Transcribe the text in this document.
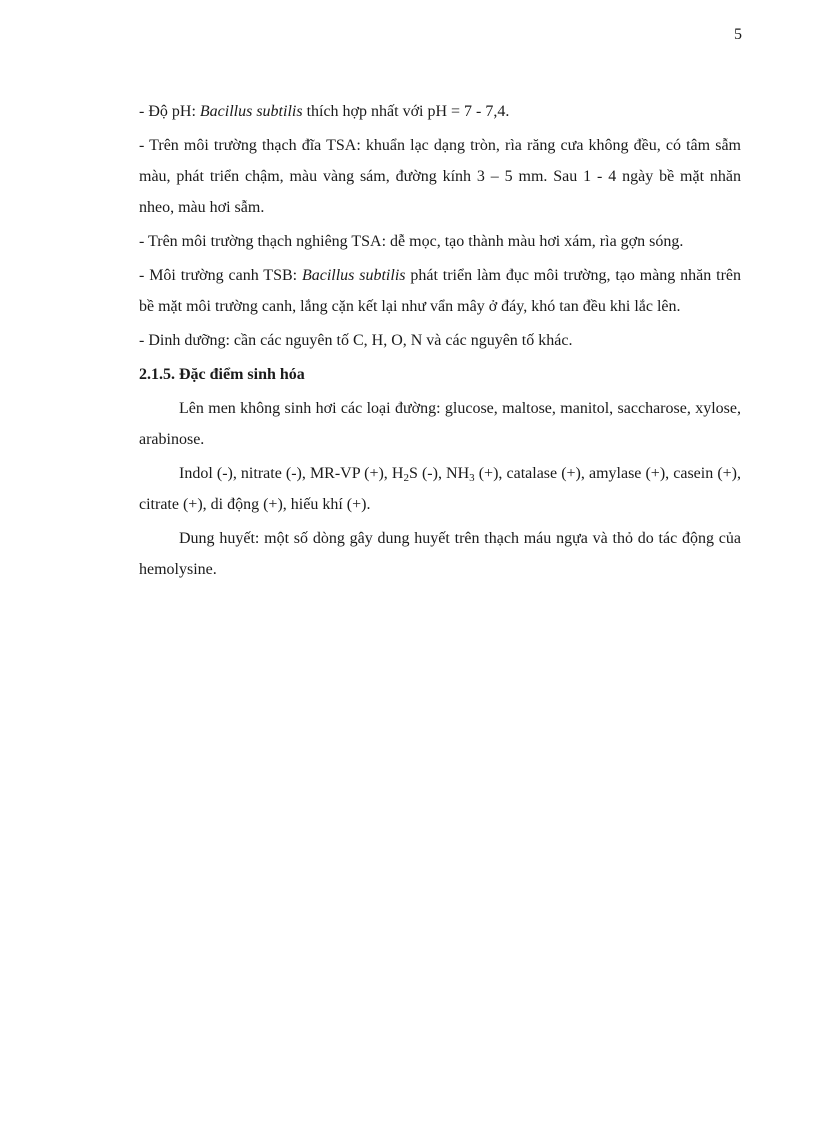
5

- Độ pH: Bacillus subtilis thích hợp nhất với pH = 7 - 7,4.

- Trên môi trường thạch đĩa TSA: khuẩn lạc dạng tròn, rìa răng cưa không đều, có tâm sẫm màu, phát triển chậm, màu vàng sám, đường kính 3 – 5 mm. Sau 1 - 4 ngày bề mặt nhăn nheo, màu hơi sẫm.

- Trên môi trường thạch nghiêng TSA: dễ mọc, tạo thành màu hơi xám, rìa gợn sóng.

- Môi trường canh TSB: Bacillus subtilis phát triển làm đục môi trường, tạo màng nhăn trên bề mặt môi trường canh, lắng cặn kết lại như vẩn mây ở đáy, khó tan đều khi lắc lên.

- Dinh dưỡng: cần các nguyên tố C, H, O, N và các nguyên tố khác.

2.1.5. Đặc điểm sinh hóa

Lên men không sinh hơi các loại đường: glucose, maltose, manitol, saccharose, xylose, arabinose.

Indol (-), nitrate (-), MR-VP (+), $H_2S$ (-), $NH_3$ (+), catalase (+), amylase (+), casein (+), citrate (+), di động (+), hiếu khí (+).

Dung huyết: một số dòng gây dung huyết trên thạch máu ngựa và thỏ do tác động của hemolysine.
